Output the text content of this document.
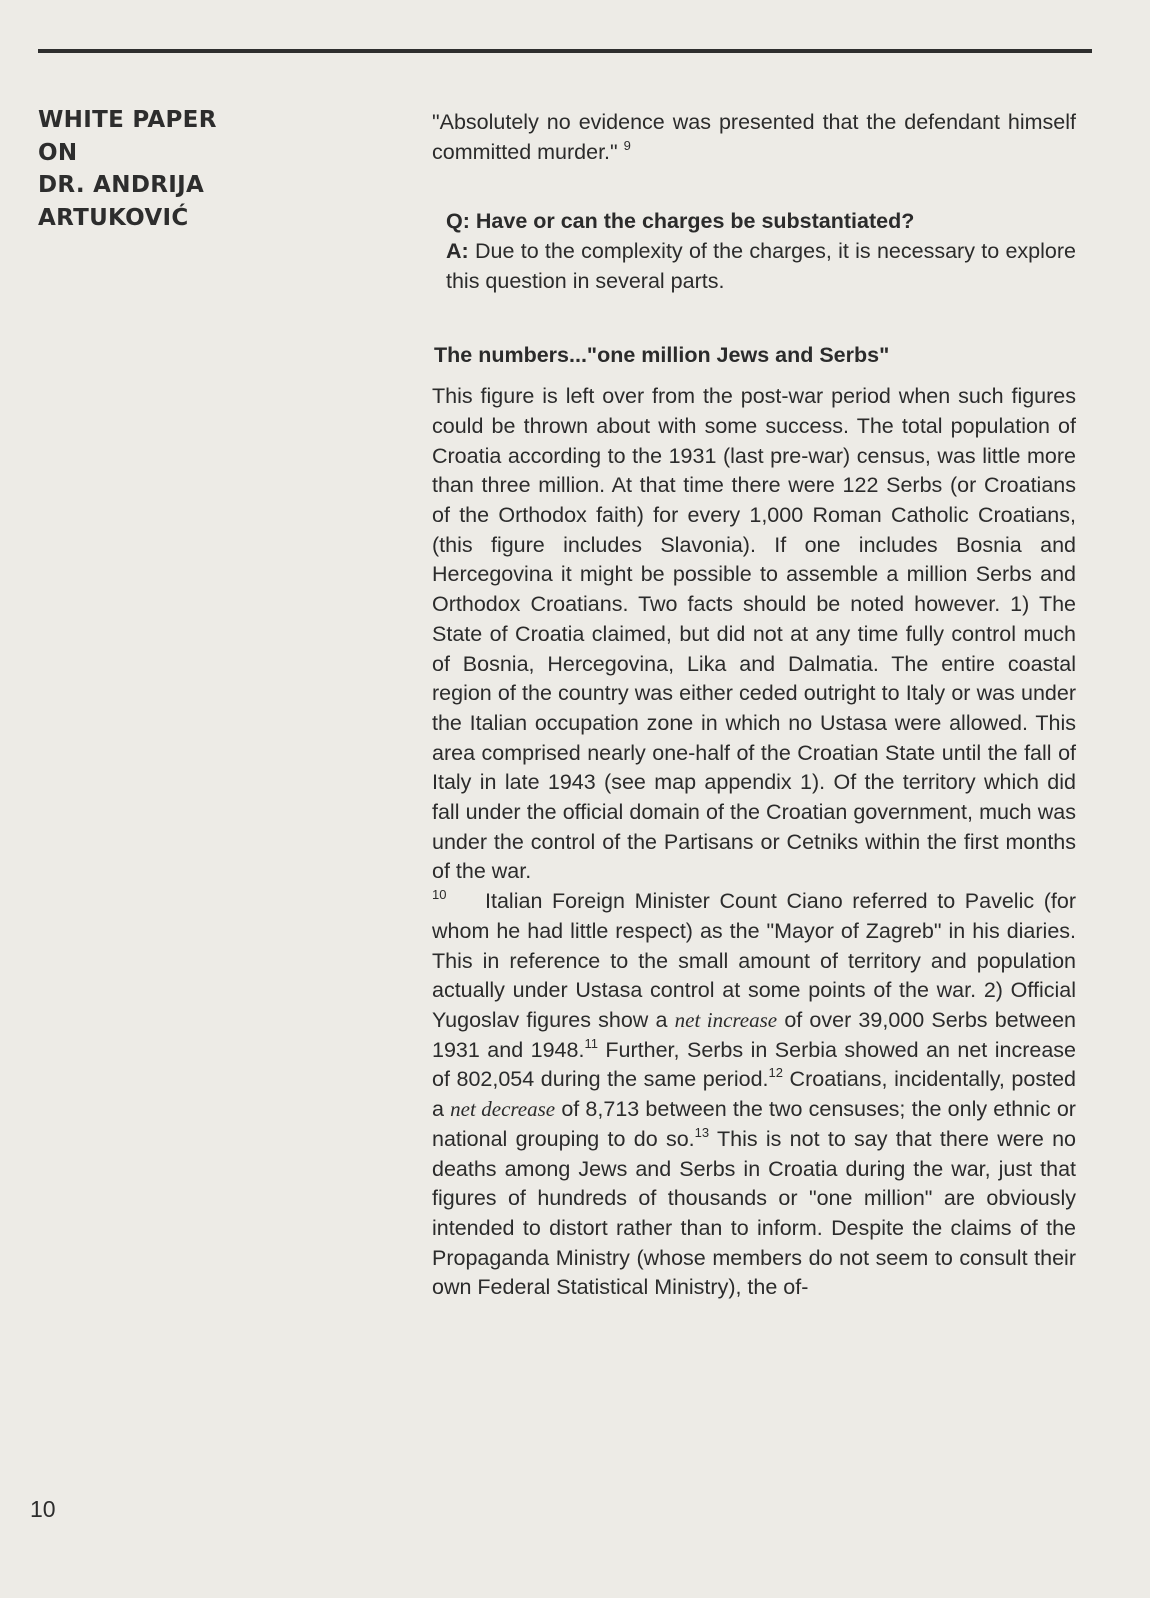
WHITE PAPER
ON
DR. ANDRIJA
ARTUKOVIĆ
10
"Absolutely no evidence was presented that the defendant himself committed murder." $^9$
Q: Have or can the charges be substantiated?
A: Due to the complexity of the charges, it is necessary to explore this question in several parts.
The numbers..."one million Jews and Serbs"

This figure is left over from the post-war period when such figures could be thrown about with some success. The total population of Croatia according to the 1931 (last pre-war) census, was little more than three million. At that time there were 122 Serbs (or Croatians of the Orthodox faith) for every 1,000 Roman Catholic Croatians, (this figure includes Slavonia). If one includes Bosnia and Hercegovina it might be possible to assemble a million Serbs and Orthodox Croatians. Two facts should be noted however. 1) The State of Croatia claimed, but did not at any time fully control much of Bosnia, Hercegovina, Lika and Dalmatia. The entire coastal region of the country was either ceded outright to Italy or was under the Italian occupation zone in which no Ustasa were allowed. This area comprised nearly one-half of the Croatian State until the fall of Italy in late 1943 (see map appendix 1). Of the territory which did fall under the official domain of the Croatian government, much was under the control of the Partisans or Cetniks within the first months of the war.
$^{10}$ Italian Foreign Minister Count Ciano referred to Pavelic (for whom he had little respect) as the "Mayor of Zagreb" in his diaries. This in reference to the small amount of territory and population actually under Ustasa control at some points of the war. 2) Official Yugoslav figures show a net increase of over 39,000 Serbs between 1931 and 1948.11 Further, Serbs in Serbia showed an net increase of 802,054 during the same period.$^{12}$ Croatians, incidentally, posted a net decrease of 8,713 between the two censuses; the only ethnic or national grouping to do so.$^{13}$ This is not to say that there were no deaths among Jews and Serbs in Croatia during the war, just that figures of hundreds of thousands or "one million" are obviously intended to distort rather than to inform. Despite the claims of the Propaganda Ministry (whose members do not seem to consult their own Federal Statistical Ministry), the of-
